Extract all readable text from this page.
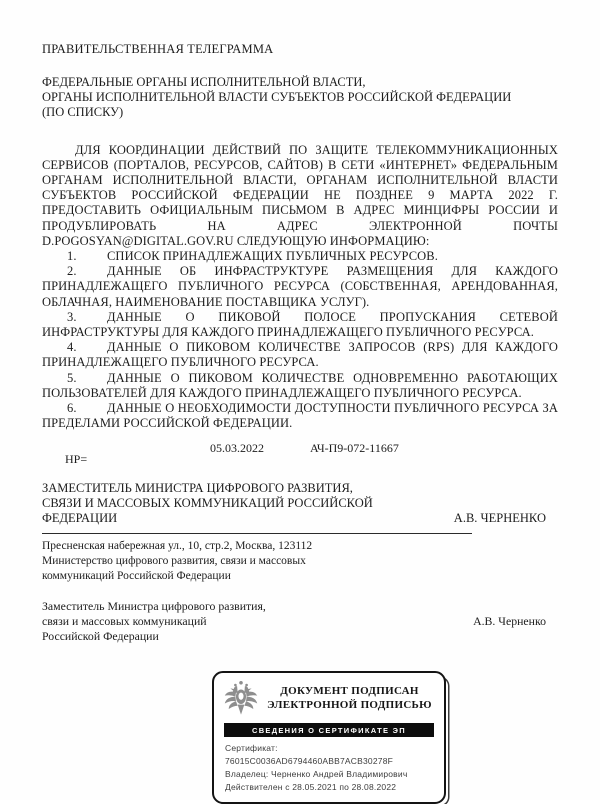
ПРАВИТЕЛЬСТВЕННАЯ ТЕЛЕГРАММА
ФЕДЕРАЛЬНЫЕ ОРГАНЫ ИСПОЛНИТЕЛЬНОЙ ВЛАСТИ,
ОРГАНЫ ИСПОЛНИТЕЛЬНОЙ ВЛАСТИ СУБЪЕКТОВ РОССИЙСКОЙ ФЕДЕРАЦИИ
(ПО СПИСКУ)

ДЛЯ КООРДИНАЦИИ ДЕЙСТВИЙ ПО ЗАЩИТЕ ТЕЛЕКОММУНИКАЦИОННЫХ СЕРВИСОВ (ПОРТАЛОВ, РЕСУРСОВ, САЙТОВ) В СЕТИ «ИНТЕРНЕТ» ФЕДЕРАЛЬНЫМ ОРГАНАМ ИСПОЛНИТЕЛЬНОЙ ВЛАСТИ, ОРГАНАМ ИСПОЛНИТЕЛЬНОЙ ВЛАСТИ СУБЪЕКТОВ РОССИЙСКОЙ ФЕДЕРАЦИИ НЕ ПОЗДНЕЕ 9 МАРТА 2022 Г. ПРЕДОСТАВИТЬ ОФИЦИАЛЬНЫМ ПИСЬМОМ В АДРЕС МИНЦИФРЫ РОССИИ И ПРОДУБЛИРОВАТЬ НА АДРЕС ЭЛЕКТРОННОЙ ПОЧТЫ D.POGOSYAN@DIGITAL.GOV.RU СЛЕДУЮЩУЮ ИНФОРМАЦИЮ:

1. СПИСОК ПРИНАДЛЕЖАЩИХ ПУБЛИЧНЫХ РЕСУРСОВ.

2. ДАННЫЕ ОБ ИНФРАСТРУКТУРЕ РАЗМЕЩЕНИЯ ДЛЯ КАЖДОГО ПРИНАДЛЕЖАЩЕГО ПУБЛИЧНОГО РЕСУРСА (СОБСТВЕННАЯ, АРЕНДОВАННАЯ, ОБЛАЧНАЯ, НАИМЕНОВАНИЕ ПОСТАВЩИКА УСЛУГ).

3. ДАННЫЕ О ПИКОВОЙ ПОЛОСЕ ПРОПУСКАНИЯ СЕТЕВОЙ ИНФРАСТРУКТУРЫ ДЛЯ КАЖДОГО ПРИНАДЛЕЖАЩЕГО ПУБЛИЧНОГО РЕСУРСА.

4. ДАННЫЕ О ПИКОВОМ КОЛИЧЕСТВЕ ЗАПРОСОВ (RPS) ДЛЯ КАЖДОГО ПРИНАДЛЕЖАЩЕГО ПУБЛИЧНОГО РЕСУРСА.

5. ДАННЫЕ О ПИКОВОМ КОЛИЧЕСТВЕ ОДНОВРЕМЕННО РАБОТАЮЩИХ ПОЛЬЗОВАТЕЛЕЙ ДЛЯ КАЖДОГО ПРИНАДЛЕЖАЩЕГО ПУБЛИЧНОГО РЕСУРСА.

6. ДАННЫЕ О НЕОБХОДИМОСТИ ДОСТУПНОСТИ ПУБЛИЧНОГО РЕСУРСА ЗА ПРЕДЕЛАМИ РОССИЙСКОЙ ФЕДЕРАЦИИ.

05.03.2022	АЧ-П9-072-11667
НР=
ЗАМЕСТИТЕЛЬ МИНИСТРА ЦИФРОВОГО РАЗВИТИЯ,
СВЯЗИ И МАССОВЫХ КОММУНИКАЦИЙ РОССИЙСКОЙ
ФЕДЕРАЦИИ	А.В. ЧЕРНЕНКО
Пресненская набережная ул., 10, стр.2, Москва, 123112
Министерство цифрового развития, связи и массовых
коммуникаций Российской Федерации
Заместитель Министра цифрового развития,
связи и массовых коммуникаций	А.В. Черненко
Российской Федерации
ДОКУМЕНТ ПОДПИСАН
ЭЛЕКТРОННОЙ ПОДПИСЬЮ
СВЕДЕНИЯ О СЕРТИФИКАТЕ ЭП
Сертификат: 76015C0036AD6794460ABB7ACB30278F
Владелец: Черненко Андрей Владимирович
Действителен с 28.05.2021 по 28.08.2022
